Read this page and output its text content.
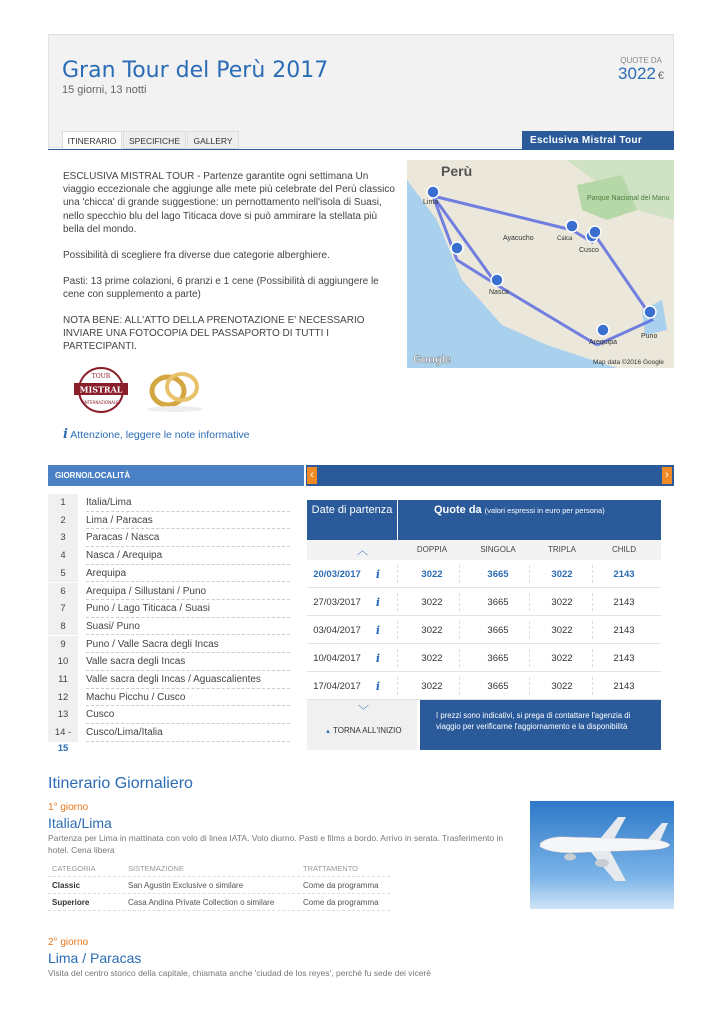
Gran Tour del Perù 2017
15 giorni, 13 notti
QUOTE DA
3022 €
ITINERARIO	SPECIFICHE	GALLERY	Esclusiva Mistral Tour
ESCLUSIVA MISTRAL TOUR - Partenze garantite ogni settimana Un viaggio eccezionale che aggiunge alle mete più celebrate del Perù classico una 'chicca' di grande suggestione: un pernottamento nell'isola di Suasi, nello specchio blu del lago Titicaca dove si può ammirare la stellata più bella del mondo.
Possibilità di scegliere fra diverse due categorie alberghiere.
Pasti: 13 prime colazioni, 6 pranzi e 1 cene (Possibilità di aggiungere le cene con supplemento a parte)
NOTA BENE: ALL'ATTO DELLA PRENOTAZIONE E' NECESSARIO INVIARE UNA FOTOCOPIA DEL PASSAPORTO DI TUTTI I PARTECIPANTI.
Perù
Lima
Ayacucho
Nasca
Arequipa
Puno
Cusco
Calca
Parque Nacional del Manu
Google	Map data ©2016 Google
TOUR
MISTRAL
INTERNAZIONALE
i Attenzione, leggere le note informative
GIORNO/LOCALITÀ	‹	›
1	Italia/Lima
2	Lima / Paracas
3	Paracas / Nasca
4	Nasca / Arequipa
5	Arequipa
6	Arequipa / Sillustani / Puno
7	Puno / Lago Titicaca / Suasi
8	Suasi/ Puno
9	Puno / Valle Sacra degli Incas
10	Valle sacra degli Incas
11	Valle sacra degli Incas / Aguascalientes
12	Machu Picchu / Cusco
13	Cusco
14 -	Cusco/Lima/Italia
15
Date di partenza	Quote da (valori espressi in euro per persona)
︿	DOPPIA	SINGOLA	TRIPLA	CHILD
20/03/2017	i	3022	3665	3022	2143
27/03/2017	i	3022	3665	3022	2143
03/04/2017	i	3022	3665	3022	2143
10/04/2017	i	3022	3665	3022	2143
17/04/2017	i	3022	3665	3022	2143
﹀
▲ TORNA ALL'INIZIO
I prezzi sono indicativi, si prega di contattare l'agenzia di viaggio per verificarne l'aggiornamento e la disponibilità
Itinerario Giornaliero
1° giorno
Italia/Lima
Partenza per Lima in mattinata con volo di linea IATA. Volo diurno. Pasti e films a bordo. Arrivo in serata. Trasferimento in hotel. Cena libera
CATEGORIA	SISTEMAZIONE	TRATTAMENTO
Classic	San Agustin Exclusive o similare	Come da programma
Superiore	Casa Andina Private Collection o similare	Come da programma
2° giorno
Lima / Paracas
Visita del centro storico della capitale, chiamata anche 'ciudad de los reyes', perché fu sede dei vicerè
